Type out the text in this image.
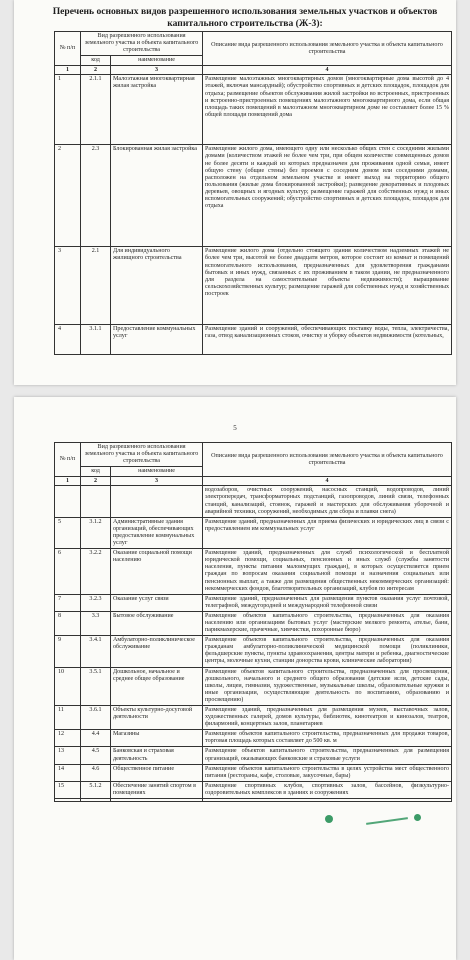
Перечень основных видов разрешенного использования земельных участков и объектов капитального строительства (Ж-3):
№ п/п	Вид разрешенного использования земельного участка и объекта капитального строительства		Описание вида разрешенного использования земельного участка и объекта капитального строительства
	код	наименование	
1	2	3	4
1	2.1.1	Малоэтажная многоквартирная жилая застройка	Размещение малоэтажных многоквартирных домов (многоквартирные дома высотой до 4 этажей, включая мансардный); обустройство спортивных и детских площадок, площадок для отдыха; размещение объектов обслуживания жилой застройки во встроенных, пристроенных и встроенно-пристроенных помещениях малоэтажного многоквартирного дома, если общая площадь таких помещений в малоэтажном многоквартирном доме не составляет более 15 % общей площади помещений дома
2	2.3	Блокированная жилая застройка	Размещение жилого дома, имеющего одну или несколько общих стен с соседними жилыми домами (количеством этажей не более чем три, при общем количестве совмещенных домов не более десяти и каждый из которых предназначен для проживания одной семьи, имеет общую стену (общие стены) без проемов с соседним домом или соседними домами, расположен на отдельном земельном участке и имеет выход на территорию общего пользования (жилые дома блокированной застройки); разведение декоративных и плодовых деревьев, овощных и ягодных культур; размещение гаражей для собственных нужд и иных вспомогательных сооружений; обустройство спортивных и детских площадок, площадок для отдыха
3	2.1	Для индивидуального жилищного строительства	Размещение жилого дома (отдельно стоящего здания количеством надземных этажей не более чем три, высотой не более двадцати метров, которое состоит из комнат и помещений вспомогательного использования, предназначенных для удовлетворения гражданами бытовых и иных нужд, связанных с их проживанием в таком здании, не предназначенного для раздела на самостоятельные объекты недвижимости); выращивание сельскохозяйственных культур; размещение гаражей для собственных нужд и хозяйственных построек
4	3.1.1	Предоставление коммунальных услуг	Размещение зданий и сооружений, обеспечивающих поставку воды, тепла, электричества, газа, отвод канализационных стоков, очистку и уборку объектов недвижимости (котельных,
5
№ п/п	Вид разрешенного использования земельного участка и объекта капитального строительства		Описание вида разрешенного использования земельного участка и объекта капитального строительства
	код	наименование	
1	2	3	4
			водозаборов, очистных сооружений, насосных станций, водопроводов, линий электропередач, трансформаторных подстанций, газопроводов, линий связи, телефонных станций, канализаций, стоянок, гаражей и мастерских для обслуживания уборочной и аварийной техники, сооружений, необходимых для сбора и плавки снега)
5	3.1.2	Административные здания организаций, обеспечивающих предоставление коммунальных услуг	Размещение зданий, предназначенных для приема физических и юридических лиц в связи с предоставлением им коммунальных услуг
6	3.2.2	Оказание социальной помощи населению	Размещение зданий, предназначенных для служб психологической и бесплатной юридической помощи, социальных, пенсионных и иных служб (службы занятости населения, пункты питания малоимущих граждан), в которых осуществляется прием граждан по вопросам оказания социальной помощи и назначения социальных или пенсионных выплат, а также для размещения общественных некоммерческих организаций: некоммерческих фондов, благотворительных организаций, клубов по интересам
7	3.2.3	Оказание услуг связи	Размещение зданий, предназначенных для размещения пунктов оказания услуг почтовой, телеграфной, междугородней и международной телефонной связи
8	3.3	Бытовое обслуживание	Размещение объектов капитального строительства, предназначенных для оказания населению или организациям бытовых услуг (мастерские мелкого ремонта, ателье, бани, парикмахерские, прачечные, химчистки, похоронные бюро)
9	3.4.1	Амбулаторно-поликлиническое обслуживание	Размещение объектов капитального строительства, предназначенных для оказания гражданам амбулаторно-поликлинической медицинской помощи (поликлиники, фельдшерские пункты, пункты здравоохранения, центры матери и ребенка, диагностические центры, молочные кухни, станции донорства крови, клинические лаборатории)
10	3.5.1	Дошкольное, начальное и среднее общее образование	Размещение объектов капитального строительства, предназначенных для просвещения, дошкольного, начального и среднего общего образования (детские ясли, детские сады, школы, лицеи, гимназии, художественные, музыкальные школы, образовательные кружки и иные организации, осуществляющие деятельность по воспитанию, образованию и просвещению)
11	3.6.1	Объекты культурно-досуговой деятельности	Размещение зданий, предназначенных для размещения музеев, выставочных залов, художественных галерей, домов культуры, библиотек, кинотеатров и кинозалов, театров, филармоний, концертных залов, планетариев
12	4.4	Магазины	Размещение объектов капитального строительства, предназначенных для продажи товаров, торговая площадь которых составляет до 500 кв. м
13	4.5	Банковская и страховая деятельность	Размещение объектов капитального строительства, предназначенных для размещения организаций, оказывающих банковские и страховые услуги
14	4.6	Общественное питание	Размещение объектов капитального строительства в целях устройства мест общественного питания (рестораны, кафе, столовые, закусочные, бары)
15	5.1.2	Обеспечение занятий спортом в помещениях	Размещение спортивных клубов, спортивных залов, бассейнов, физкультурно-оздоровительных комплексов в зданиях и сооружениях
